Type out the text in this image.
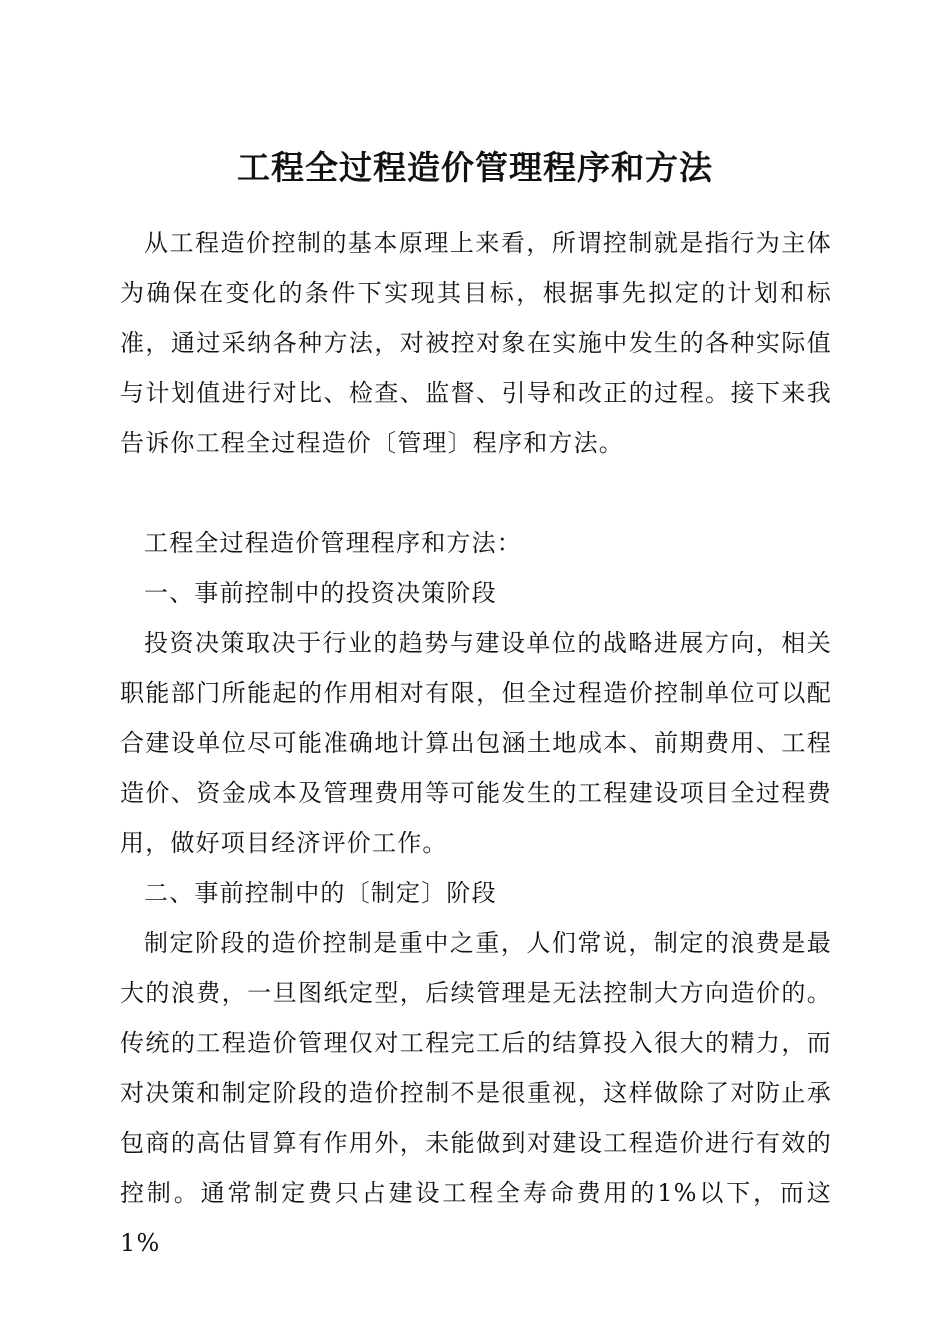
工程全过程造价管理程序和方法

从工程造价控制的基本原理上来看，所谓控制就是指行为主体为确保在变化的条件下实现其目标，根据事先拟定的计划和标准，通过采纳各种方法，对被控对象在实施中发生的各种实际值与计划值进行对比、检查、监督、引导和改正的过程。接下来我告诉你工程全过程造价〔管理〕程序和方法。

工程全过程造价管理程序和方法：

一、事前控制中的投资决策阶段

投资决策取决于行业的趋势与建设单位的战略进展方向，相关职能部门所能起的作用相对有限，但全过程造价控制单位可以配合建设单位尽可能准确地计算出包涵土地成本、前期费用、工程造价、资金成本及管理费用等可能发生的工程建设项目全过程费用，做好项目经济评价工作。

二、事前控制中的〔制定〕阶段

制定阶段的造价控制是重中之重，人们常说，制定的浪费是最大的浪费，一旦图纸定型，后续管理是无法控制大方向造价的。传统的工程造价管理仅对工程完工后的结算投入很大的精力，而对决策和制定阶段的造价控制不是很重视，这样做除了对防止承包商的高估冒算有作用外，未能做到对建设工程造价进行有效的控制。通常制定费只占建设工程全寿命费用的1%以下，而这 1%
